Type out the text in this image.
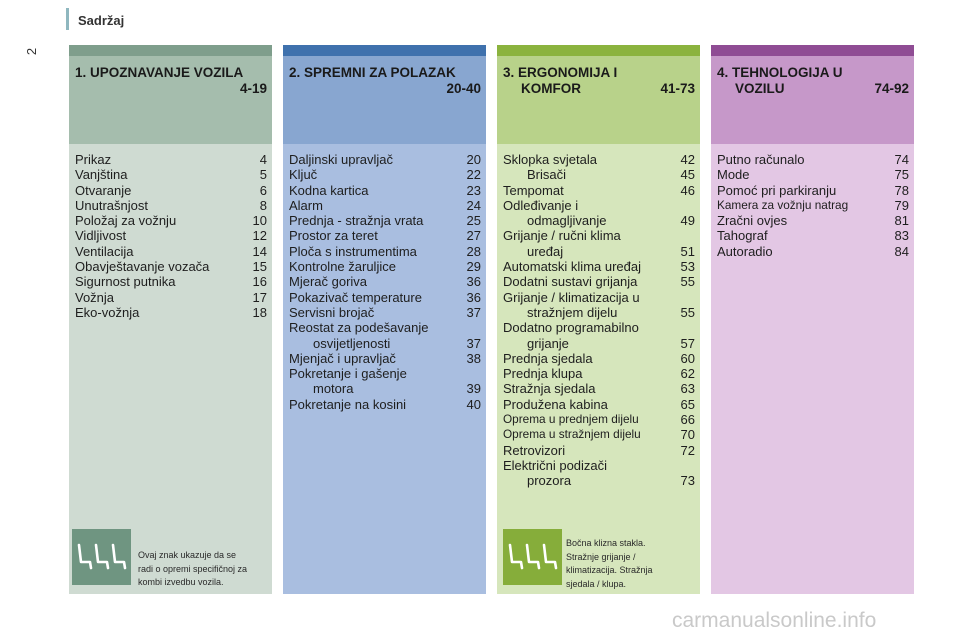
Sadržaj
2
1. UPOZNAVANJE VOZILA
4-19
Prikaz	4
Vanjština	5
Otvaranje	6
Unutrašnjost	8
Položaj za vožnju	10
Vidljivost	12
Ventilacija	14
Obavještavanje vozača	15
Sigurnost putnika	16
Vožnja	17
Eko-vožnja	18
Ovaj znak ukazuje da se
radi o opremi specifičnoj za
kombi izvedbu vozila.
2. SPREMNI ZA POLAZAK
20-40
Daljinski upravljač	20
Ključ	22
Kodna kartica	23
Alarm	24
Prednja - stražnja vrata	25
Prostor za teret	27
Ploča s instrumentima	28
Kontrolne žaruljice	29
Mjerač goriva	36
Pokazivač temperature	36
Servisni brojač	37
Reostat za podešavanje
osvijetljenosti	37
Mjenjač i upravljač	38
Pokretanje i gašenje
motora	39
Pokretanje na kosini	40
3. ERGONOMIJA I
KOMFOR	41-73
Sklopka svjetala	42
Brisači	45
Tempomat	46
Odleđivanje i
odmagljivanje	49
Grijanje / ručni klima
uređaj	51
Automatski klima uređaj	53
Dodatni sustavi grijanja	55
Grijanje / klimatizacija u
stražnjem dijelu	55
Dodatno programabilno
grijanje	57
Prednja sjedala	60
Prednja klupa	62
Stražnja sjedala	63
Produžena kabina	65
Oprema u prednjem dijelu	66
Oprema u stražnjem dijelu	70
Retrovizori	72
Električni podizači
prozora	73
Bočna klizna stakla.
Stražnje grijanje /
klimatizacija. Stražnja
sjedala / klupa.
4. TEHNOLOGIJA U
VOZILU	74-92
Putno računalo	74
Mode	75
Pomoć pri parkiranju	78
Kamera za vožnju natrag	79
Zračni ovjes	81
Tahograf	83
Autoradio	84
carmanualsonline.info
